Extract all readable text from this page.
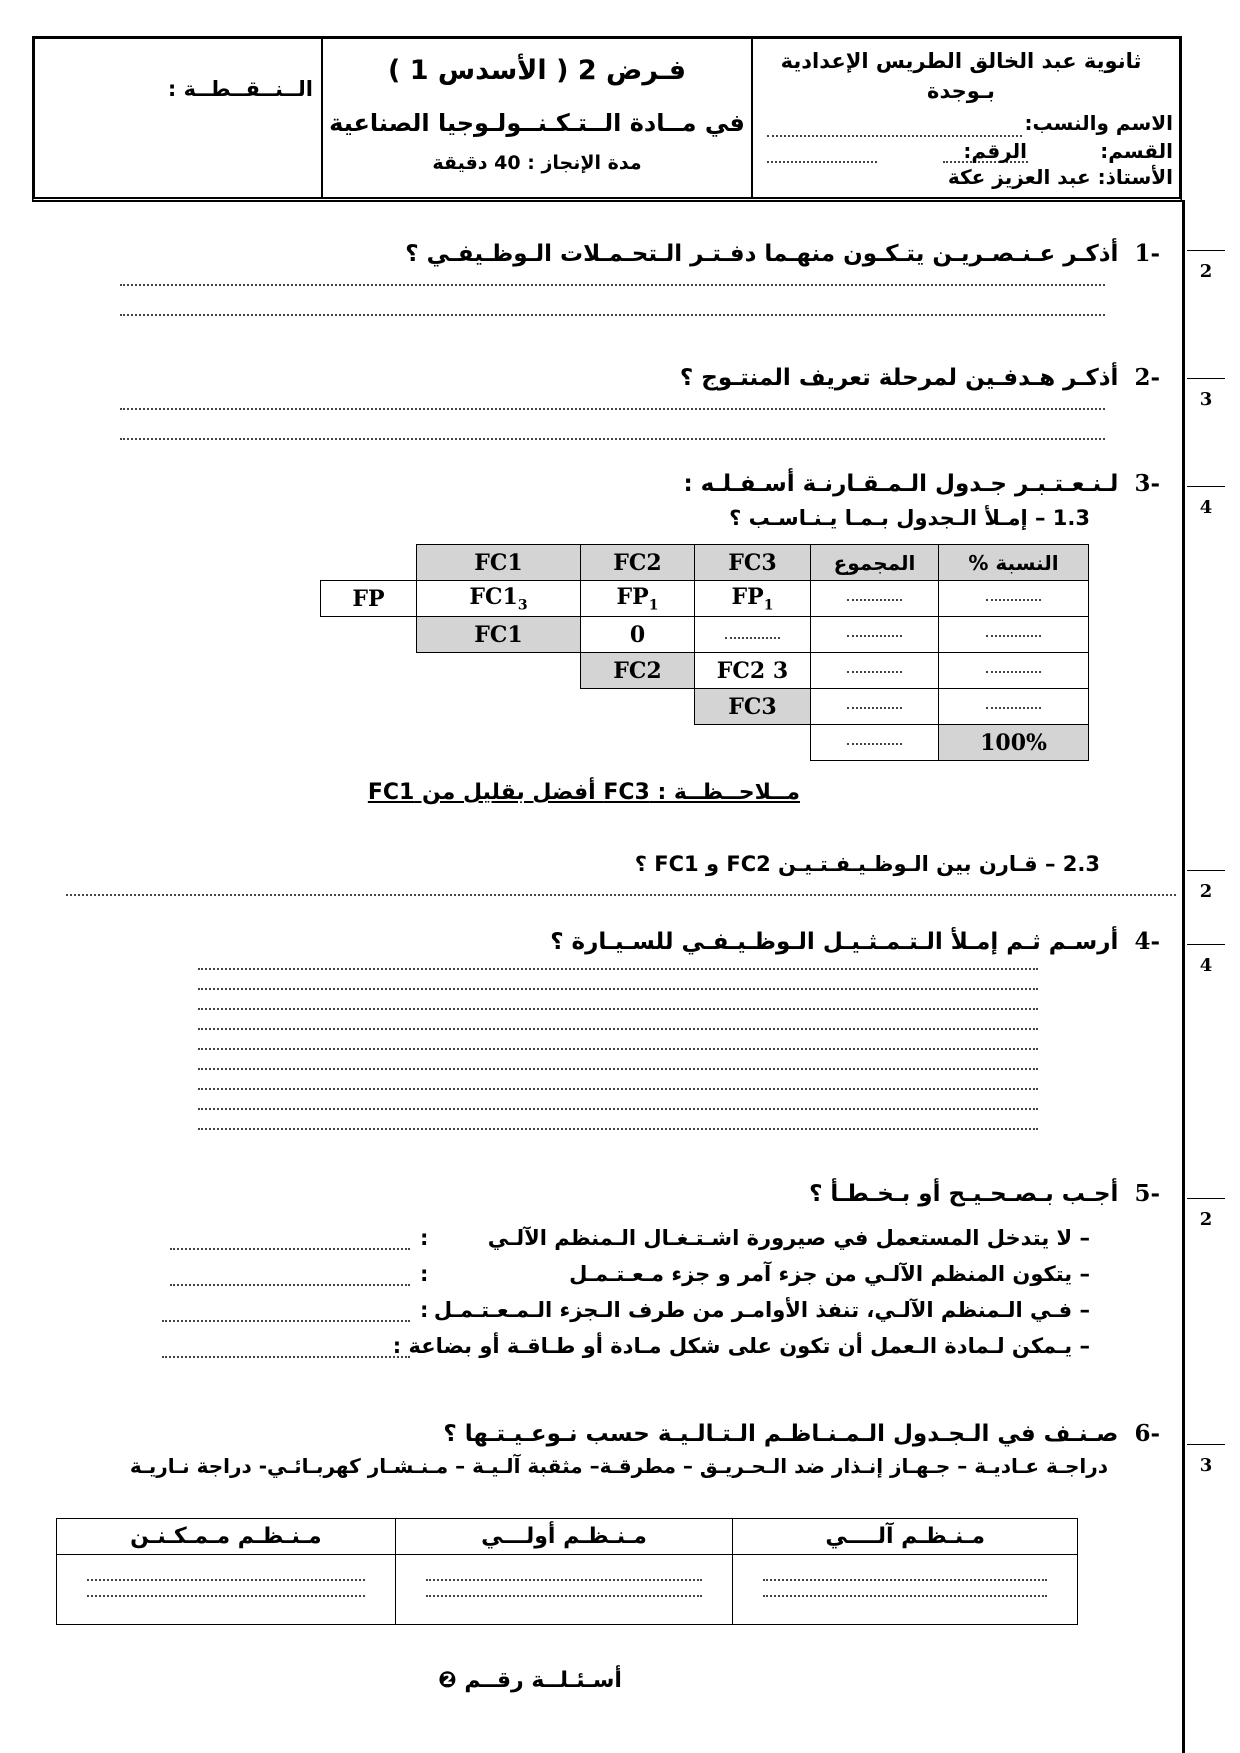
الــنــقــطــة :
فـرض 2 ( الأسدس 1 )
في مــادة الــتـكـنــولـوجيا الصناعية
مدة الإنجاز : 40 دقيقة
ثانوية عبد الخالق الطريس الإعدادية
بـوجدة
الاسم والنسب:
القسم:
الرقم:
الأستاذ: عبد العزيز عكة
2
3
4
2
4
2
3
-1  أذكـر عـنـصـريـن يتـكـون منهـما دفـتـر الـتحـمـلات الـوظـيفـي ؟
-2  أذكـر هـدفـين لمرحلة تعريف المنتـوج ؟
-3  لـنـعـتـبـر جـدول الـمـقـارنـة أسـفـلـه :
1.3 – إمـلأ الـجدول بـمـا يـنـاسـب ؟
	FC1	FC2	FC3	المجموع	النسبة %
FP	$FC1_3$	$FP_1$	$FP_1$		
	FC1	0			
		FC2	FC2 3		
			FC3		
					100%
مــلاحــظــة : FC3 أفضل بقليل من FC1
2.3 – قـارن بين الـوظـيـفـتـيـن FC2 و FC1 ؟
-4  أرسـم ثـم إمـلأ الـتـمـثـيـل الـوظـيـفـي للسـيـارة ؟
-5  أجـب بـصـحـيـح أو بـخـطـأ ؟
– لا يتدخل المستعمل في صيرورة اشـتـغـال الـمنظم الآلـي
:
– يتكون المنظم الآلـي من جزء آمر و جزء مـعـتـمـل
:
– فـي الـمنظم الآلـي، تنفذ الأوامـر من طرف الـجزء الـمـعـتـمـل
:
– يـمكن لـمادة الـعمل أن تكون على شكل مـادة أو طـاقـة أو بضاعة :
-6  صـنـف في الـجـدول الـمـنـاظـم الـتـالـيـة حسب نـوعـيـتـها ؟
دراجـة عـاديـة – جـهـاز إنـذار ضد الـحـريـق – مطرقـة– مثقبة آلـيـة – مـنـشـار كهربـائـي- دراجة نـاريـة
مـنـظـم آلــــي	مـنـظـم أولـــي	مـنـظـم مـمـكـنـن

أسـئـلــة رقــم ❷
